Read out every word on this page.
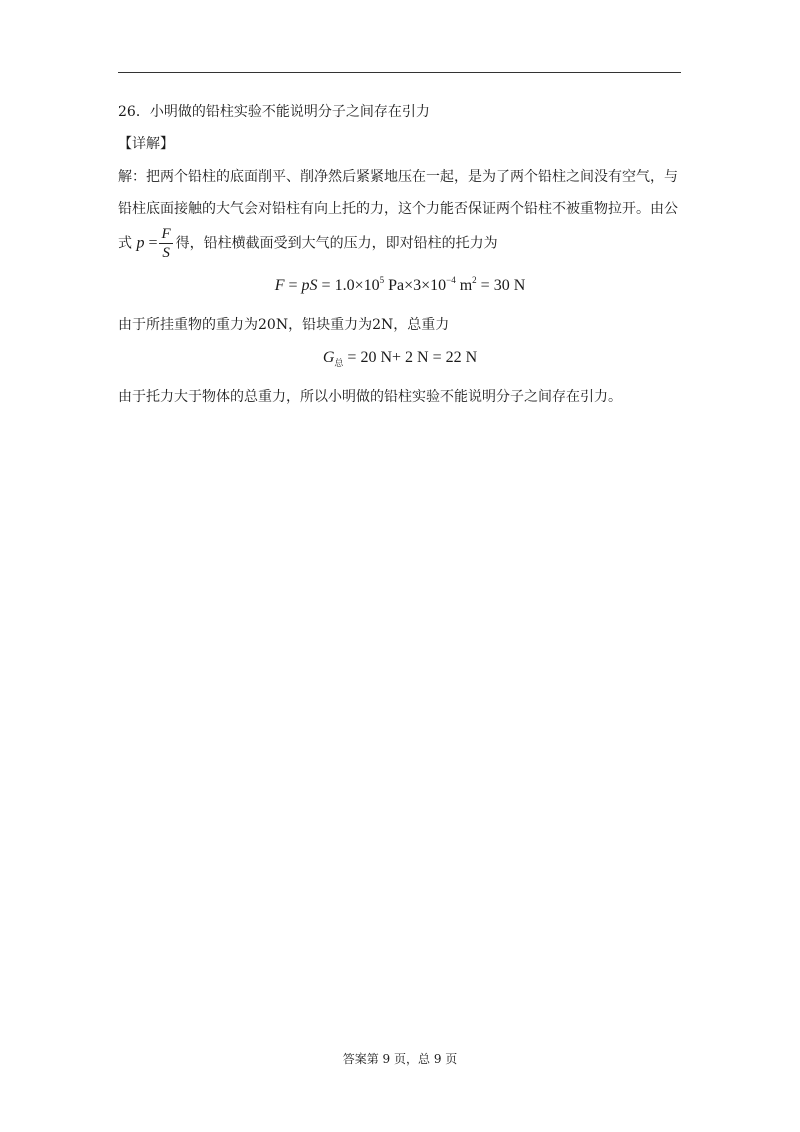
26．小明做的铅柱实验不能说明分子之间存在引力
【详解】
解：把两个铅柱的底面削平、削净然后紧紧地压在一起，是为了两个铅柱之间没有空气，与
铅柱底面接触的大气会对铅柱有向上托的力，这个力能否保证两个铅柱不被重物拉开。由公
式 $p = \frac{F}{S}$ 得，铅柱横截面受到大气的压力，即对铅柱的托力为
F = pS = $1.0\times 10^5$ $Pa\times 3\times 10^{-4}$ $m^2 = 30$ N
由于所挂重物的重力为20N，铅块重力为2N，总重力
$G_总 = 20$ N+ 2 N = 22 N
由于托力大于物体的总重力，所以小明做的铅柱实验不能说明分子之间存在引力。
答案第 9 页，总 9 页
